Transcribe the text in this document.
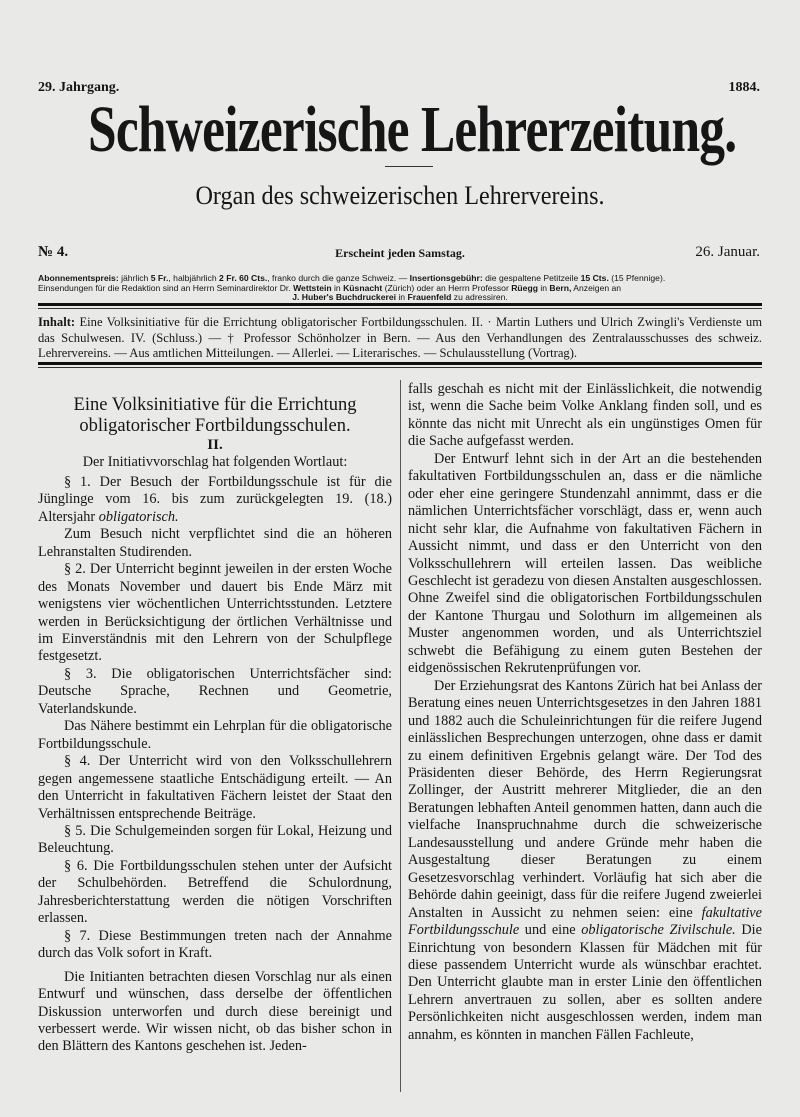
29. Jahrgang.	1884.
Schweizerische Lehrerzeitung.
Organ des schweizerischen Lehrervereins.
№ 4.	Erscheint jeden Samstag.	26. Januar.
Abonnementspreis: jährlich 5 Fr., halbjährlich 2 Fr. 60 Cts., franko durch die ganze Schweiz. — Insertionsgebühr: die gespaltene Petitzeile 15 Cts. (15 Pfennige).
Einsendungen für die Redaktion sind an Herrn Seminardirektor Dr. Wettstein in Küsnacht (Zürich) oder an Herrn Professor Rüegg in Bern, Anzeigen an
J. Huber's Buchdruckerei in Frauenfeld zu adressiren.
Inhalt: Eine Volksinitiative für die Errichtung obligatorischer Fortbildungsschulen. II. · Martin Luthers und Ulrich Zwingli's Verdienste um das Schulwesen. IV. (Schluss.) — † Professor Schönholzer in Bern. — Aus den Verhandlungen des Zentralausschusses des schweiz. Lehrervereins. — Aus amtlichen Mitteilungen. — Allerlei. — Literarisches. — Schulausstellung (Vortrag).
Eine Volksinitiative für die Errichtung obligatorischer Fortbildungsschulen.

II.

Der Initiativvorschlag hat folgenden Wortlaut:

§ 1. Der Besuch der Fortbildungsschule ist für die Jünglinge vom 16. bis zum zurückgelegten 19. (18.) Altersjahr obligatorisch.

Zum Besuch nicht verpflichtet sind die an höheren Lehranstalten Studirenden.

§ 2. Der Unterricht beginnt jeweilen in der ersten Woche des Monats November und dauert bis Ende März mit wenigstens vier wöchentlichen Unterrichtsstunden. Letztere werden in Berücksichtigung der örtlichen Verhältnisse und im Einverständnis mit den Lehrern von der Schulpflege festgesetzt.

§ 3. Die obligatorischen Unterrichtsfächer sind: Deutsche Sprache, Rechnen und Geometrie, Vaterlandskunde.

Das Nähere bestimmt ein Lehrplan für die obligatorische Fortbildungsschule.

§ 4. Der Unterricht wird von den Volksschullehrern gegen angemessene staatliche Entschädigung erteilt. — An den Unterricht in fakultativen Fächern leistet der Staat den Verhältnissen entsprechende Beiträge.

§ 5. Die Schulgemeinden sorgen für Lokal, Heizung und Beleuchtung.

§ 6. Die Fortbildungsschulen stehen unter der Aufsicht der Schulbehörden. Betreffend die Schulordnung, Jahresberichterstattung werden die nötigen Vorschriften erlassen.

§ 7. Diese Bestimmungen treten nach der Annahme durch das Volk sofort in Kraft.

Die Initianten betrachten diesen Vorschlag nur als einen Entwurf und wünschen, dass derselbe der öffentlichen Diskussion unterworfen und durch diese bereinigt und verbessert werde. Wir wissen nicht, ob das bisher schon in den Blättern des Kantons geschehen ist. Jeden-

falls geschah es nicht mit der Einlässlichkeit, die notwendig ist, wenn die Sache beim Volke Anklang finden soll, und es könnte das nicht mit Unrecht als ein ungünstiges Omen für die Sache aufgefasst werden.

Der Entwurf lehnt sich in der Art an die bestehenden fakultativen Fortbildungsschulen an, dass er die nämliche oder eher eine geringere Stundenzahl annimmt, dass er die nämlichen Unterrichtsfächer vorschlägt, dass er, wenn auch nicht sehr klar, die Aufnahme von fakultativen Fächern in Aussicht nimmt, und dass er den Unterricht von den Volksschullehrern will erteilen lassen. Das weibliche Geschlecht ist geradezu von diesen Anstalten ausgeschlossen. Ohne Zweifel sind die obligatorischen Fortbildungsschulen der Kantone Thurgau und Solothurn im allgemeinen als Muster angenommen worden, und als Unterrichtsziel schwebt die Befähigung zu einem guten Bestehen der eidgenössischen Rekrutenprüfungen vor.

Der Erziehungsrat des Kantons Zürich hat bei Anlass der Beratung eines neuen Unterrichtsgesetzes in den Jahren 1881 und 1882 auch die Schuleinrichtungen für die reifere Jugend einlässlichen Besprechungen unterzogen, ohne dass er damit zu einem definitiven Ergebnis gelangt wäre. Der Tod des Präsidenten dieser Behörde, des Herrn Regierungsrat Zollinger, der Austritt mehrerer Mitglieder, die an den Beratungen lebhaften Anteil genommen hatten, dann auch die vielfache Inanspruchnahme durch die schweizerische Landesausstellung und andere Gründe mehr haben die Ausgestaltung dieser Beratungen zu einem Gesetzesvorschlag verhindert. Vorläufig hat sich aber die Behörde dahin geeinigt, dass für die reifere Jugend zweierlei Anstalten in Aussicht zu nehmen seien: eine fakultative Fortbildungsschule und eine obligatorische Zivilschule. Die Einrichtung von besondern Klassen für Mädchen mit für diese passendem Unterricht wurde als wünschbar erachtet. Den Unterricht glaubte man in erster Linie den öffentlichen Lehrern anvertrauen zu sollen, aber es sollten andere Persönlichkeiten nicht ausgeschlossen werden, indem man annahm, es könnten in manchen Fällen Fachleute,
